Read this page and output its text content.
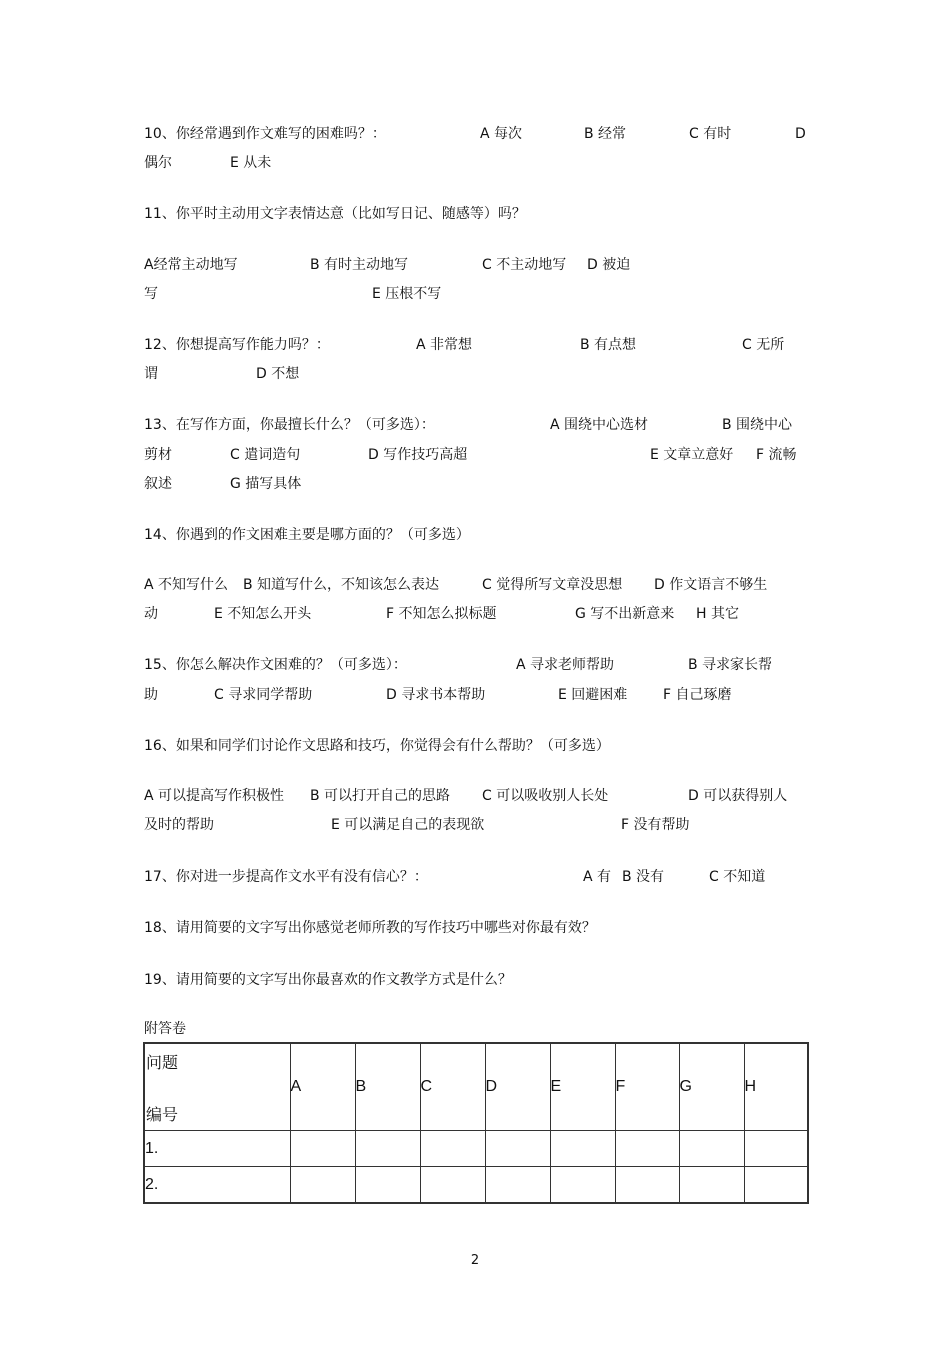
10、你经常遇到作文难写的困难吗？：	A 每次	B 经常	C 有时	D
偶尔	E 从未
11、你平时主动用文字表情达意（比如写日记、随感等）吗？
A经常主动地写	B 有时主动地写	C 不主动地写 D 被迫
写	E 压根不写
12、你想提高写作能力吗？：	A 非常想	B 有点想	C 无所
谓	D 不想
13、在写作方面，你最擅长什么？（可多选）：	A 围绕中心选材	B 围绕中心
剪材	C 遣词造句	D 写作技巧高超	E 文章立意好 F 流畅
叙述	G 描写具体
14、你遇到的作文困难主要是哪方面的？（可多选）
A 不知写什么 B 知道写什么，不知该怎么表达	C 觉得所写文章没思想 D 作文语言不够生
动	E 不知怎么开头	F 不知怎么拟标题	G 写不出新意来 H 其它
15、你怎么解决作文困难的？（可多选）：	A 寻求老师帮助	B 寻求家长帮
助	C 寻求同学帮助	D 寻求书本帮助	E 回避困难	F 自己琢磨
16、如果和同学们讨论作文思路和技巧，你觉得会有什么帮助？（可多选）
A 可以提高写作积极性 B 可以打开自己的思路 C 可以吸收别人长处	D 可以获得别人
及时的帮助	E 可以满足自己的表现欲	F 没有帮助
17、你对进一步提高作文水平有没有信心？：	A 有 B 没有	C 不知道
18、请用简要的文字写出你感觉老师所教的写作技巧中哪些对你最有效？
19、请用简要的文字写出你最喜欢的作文教学方式是什么？
附答卷
问题
编号	A	B	C	D	E	F	G	H
1.								
2.								
2
